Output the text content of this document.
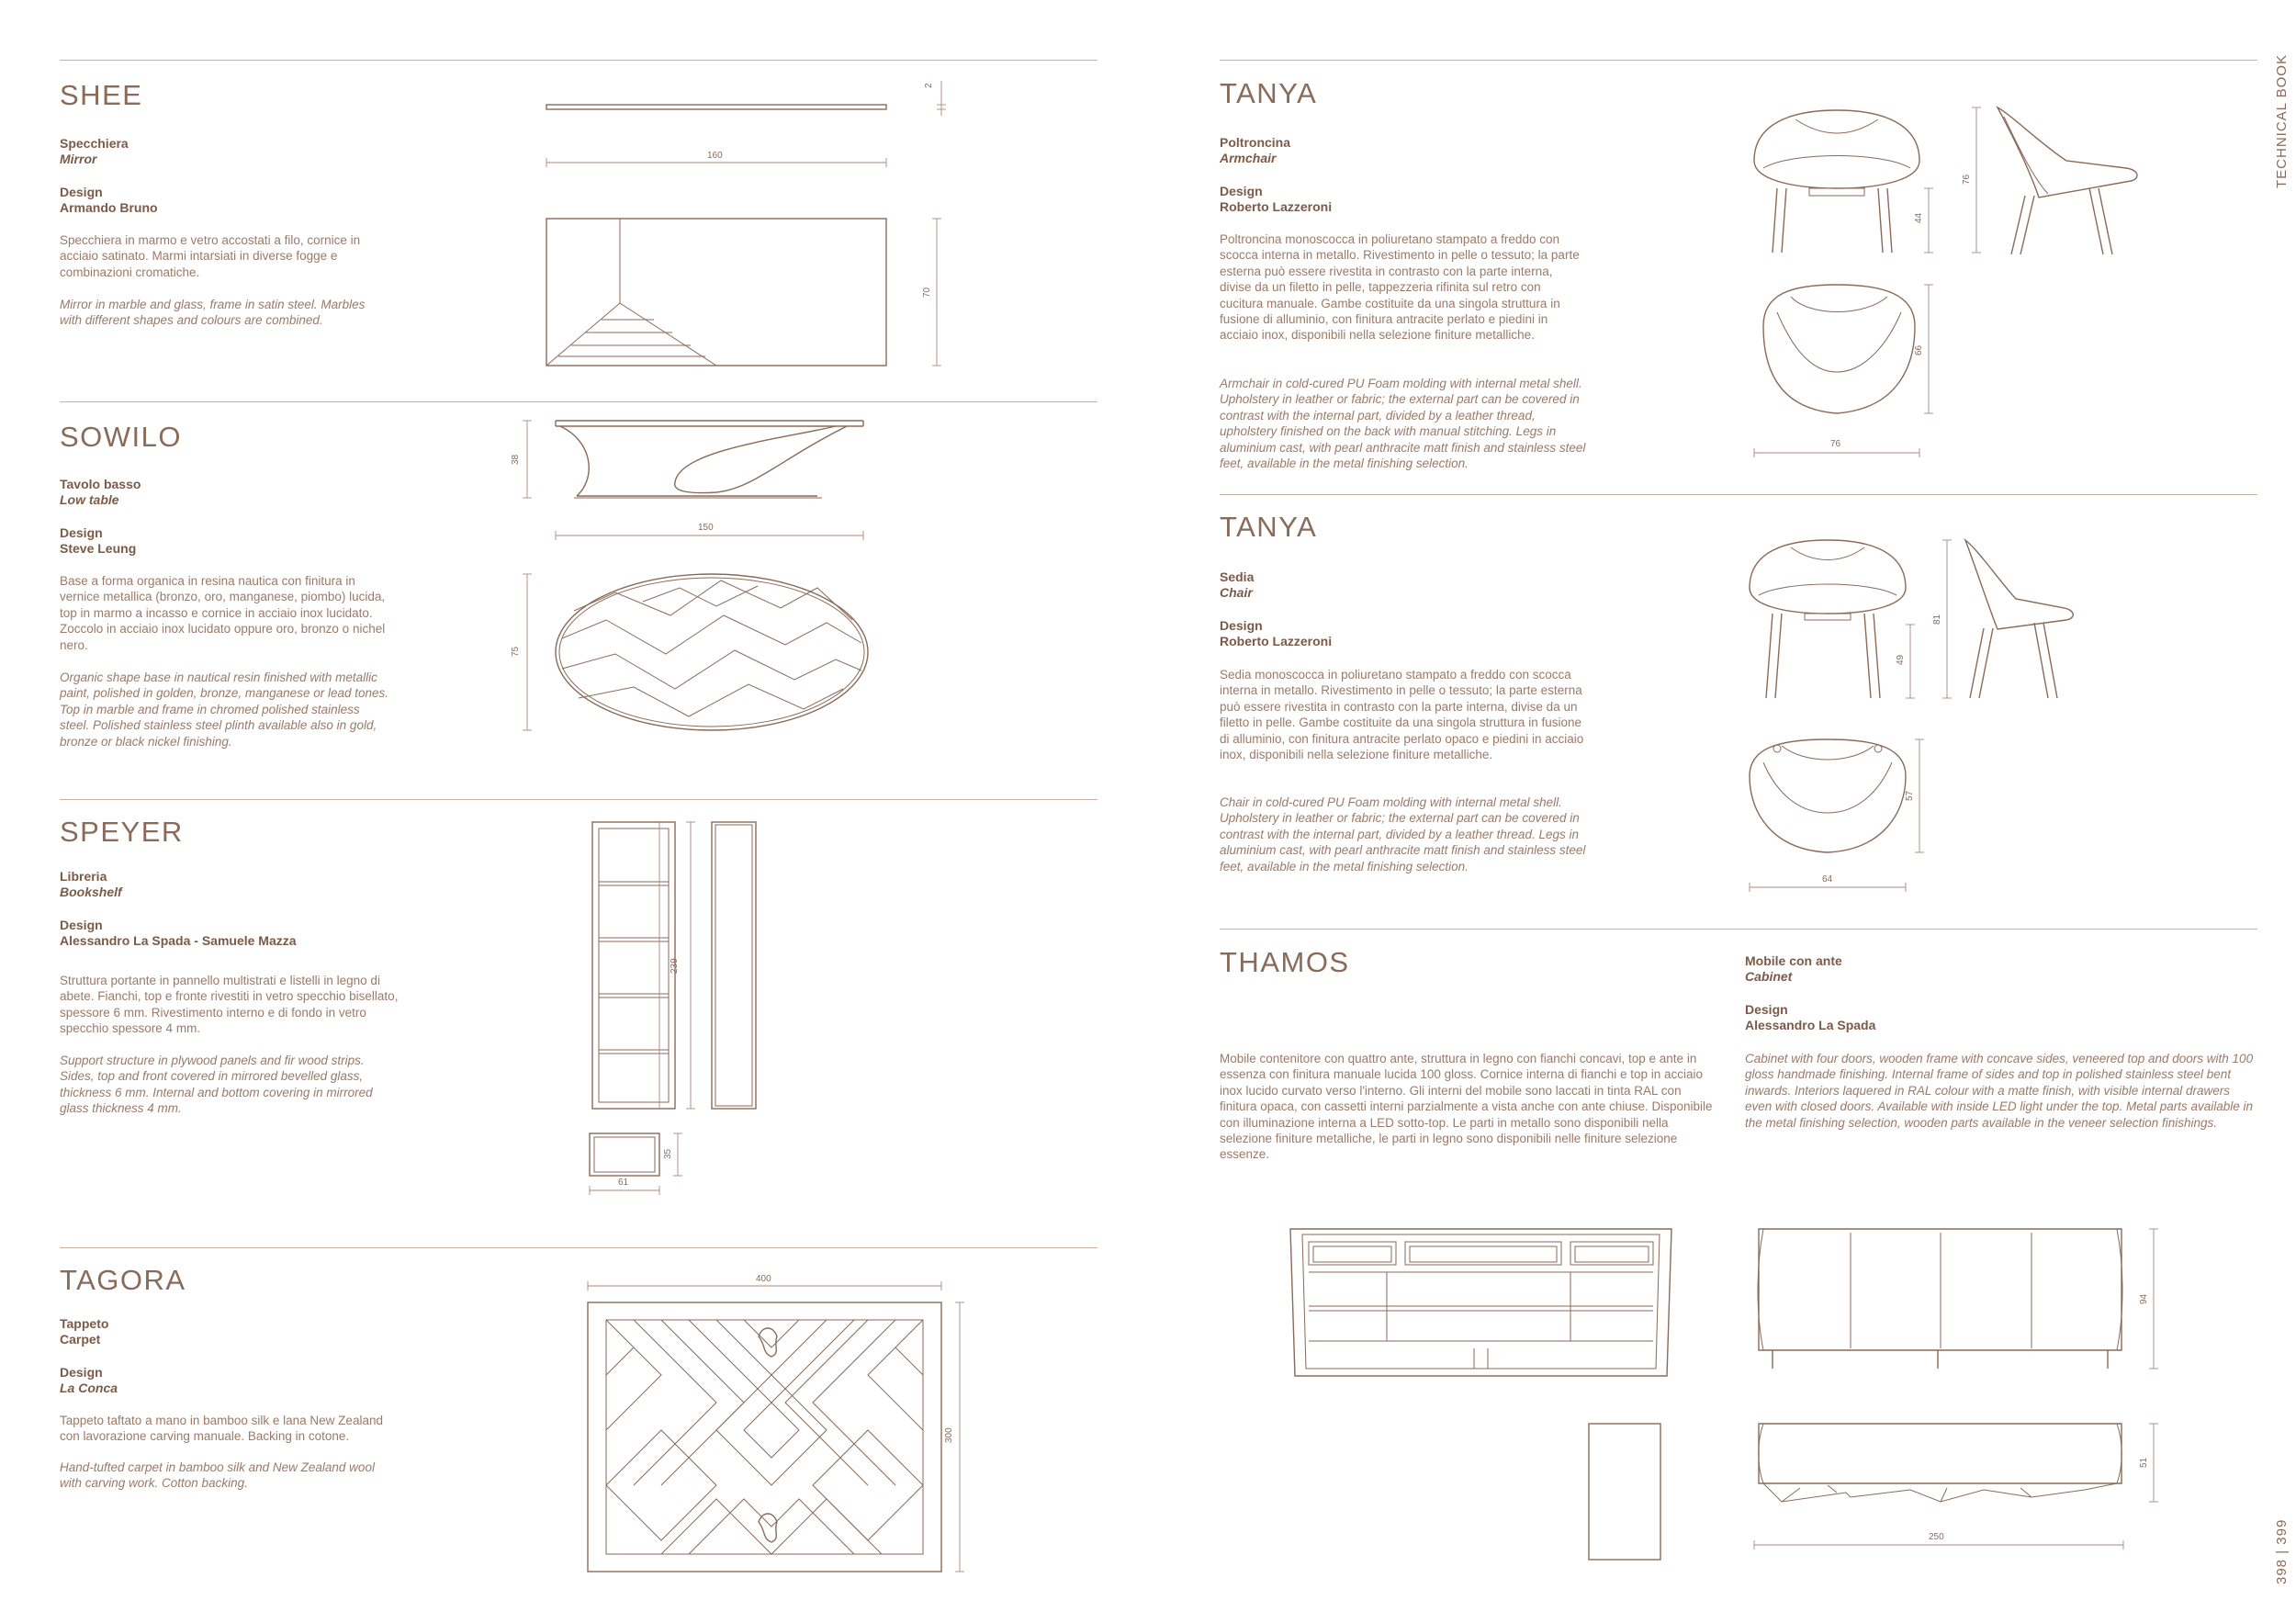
TECHNICAL BOOK
398 | 399
SHEE
Specchiera
Mirror
Design
Armando Bruno
Specchiera in marmo e vetro accostati a filo, cornice in acciaio satinato. Marmi intarsiati in diverse fogge e combinazioni cromatiche.
Mirror in marble and glass, frame in satin steel. Marbles with different shapes and colours are combined.
2
160
70
SOWILO
Tavolo basso
Low table
Design
Steve Leung
Base a forma organica in resina nautica con finitura in vernice metallica (bronzo, oro, manganese, piombo) lucida, top in marmo a incasso e cornice in acciaio inox lucidato. Zoccolo in acciaio inox lucidato oppure oro, bronzo o nichel nero.
Organic shape base in nautical resin finished with metallic paint, polished in golden, bronze, manganese or lead tones. Top in marble and frame in chromed polished stainless steel. Polished stainless steel plinth available also in gold, bronze or black nickel finishing.
38
150
75
SPEYER
Libreria
Bookshelf
Design
Alessandro La Spada - Samuele Mazza
Struttura portante in pannello multistrati e listelli in legno di abete. Fianchi, top e fronte rivestiti in vetro specchio bisellato, spessore 6 mm. Rivestimento interno e di fondo in vetro specchio spessore 4 mm.
Support structure in plywood panels and fir wood strips. Sides, top and front covered in mirrored bevelled glass, thickness 6 mm. Internal and bottom covering in mirrored glass thickness 4 mm.
239
35
61
TAGORA
Tappeto
Carpet
Design
La Conca
Tappeto taftato a mano in bamboo silk e lana New Zealand con lavorazione carving manuale. Backing in cotone.
Hand-tufted carpet in bamboo silk and New Zealand wool with carving work. Cotton backing.
400
300
TANYA
Poltroncina
Armchair
Design
Roberto Lazzeroni
Poltroncina monoscocca in poliuretano stampato a freddo con scocca interna in metallo. Rivestimento in pelle o tessuto; la parte esterna può essere rivestita in contrasto con la parte interna, divise da un filetto in pelle, tappezzeria rifinita sul retro con cucitura manuale. Gambe costituite da una singola struttura in fusione di alluminio, con finitura antracite perlato e piedini in acciaio inox, disponibili nella selezione finiture metalliche.
Armchair in cold-cured PU Foam molding with internal metal shell. Upholstery in leather or fabric; the external part can be covered in contrast with the internal part, divided by a leather thread, upholstery finished on the back with manual stitching. Legs in aluminium cast, with pearl anthracite matt finish and stainless steel feet, available in the metal finishing selection.
44
76
66
76
TANYA
Sedia
Chair
Design
Roberto Lazzeroni
Sedia monoscocca in poliuretano stampato a freddo con scocca interna in metallo. Rivestimento in pelle o tessuto; la parte esterna può essere rivestita in contrasto con la parte interna, divise da un filetto in pelle. Gambe costituite da una singola struttura in fusione di alluminio, con finitura antracite perlato opaco e piedini in acciaio inox, disponibili nella selezione finiture metalliche.
Chair in cold-cured PU Foam molding with internal metal shell. Upholstery in leather or fabric; the external part can be covered in contrast with the internal part, divided by a leather thread. Legs in aluminium cast, with pearl anthracite matt finish and stainless steel feet, available in the metal finishing selection.
49
81
57
64
THAMOS	Mobile con ante
Cabinet
Design
Alessandro La Spada
Mobile contenitore con quattro ante, struttura in legno con fianchi concavi, top e ante in essenza con finitura manuale lucida 100 gloss. Cornice interna di fianchi e top in acciaio inox lucido curvato verso l'interno. Gli interni del mobile sono laccati in tinta RAL con finitura opaca, con cassetti interni parzialmente a vista anche con ante chiuse. Disponibile con illuminazione interna a LED sotto-top. Le parti in metallo sono disponibili nella selezione finiture metalliche, le parti in legno sono disponibili nelle finiture selezione essenze.
Cabinet with four doors, wooden frame with concave sides, veneered top and doors with 100 gloss handmade finishing. Internal frame of sides and top in polished stainless steel bent inwards. Interiors laquered in RAL colour with a matte finish, with visible internal drawers even with closed doors. Available with inside LED light under the top. Metal parts available in the metal finishing selection, wooden parts available in the veneer selection finishings.
94
51
250
